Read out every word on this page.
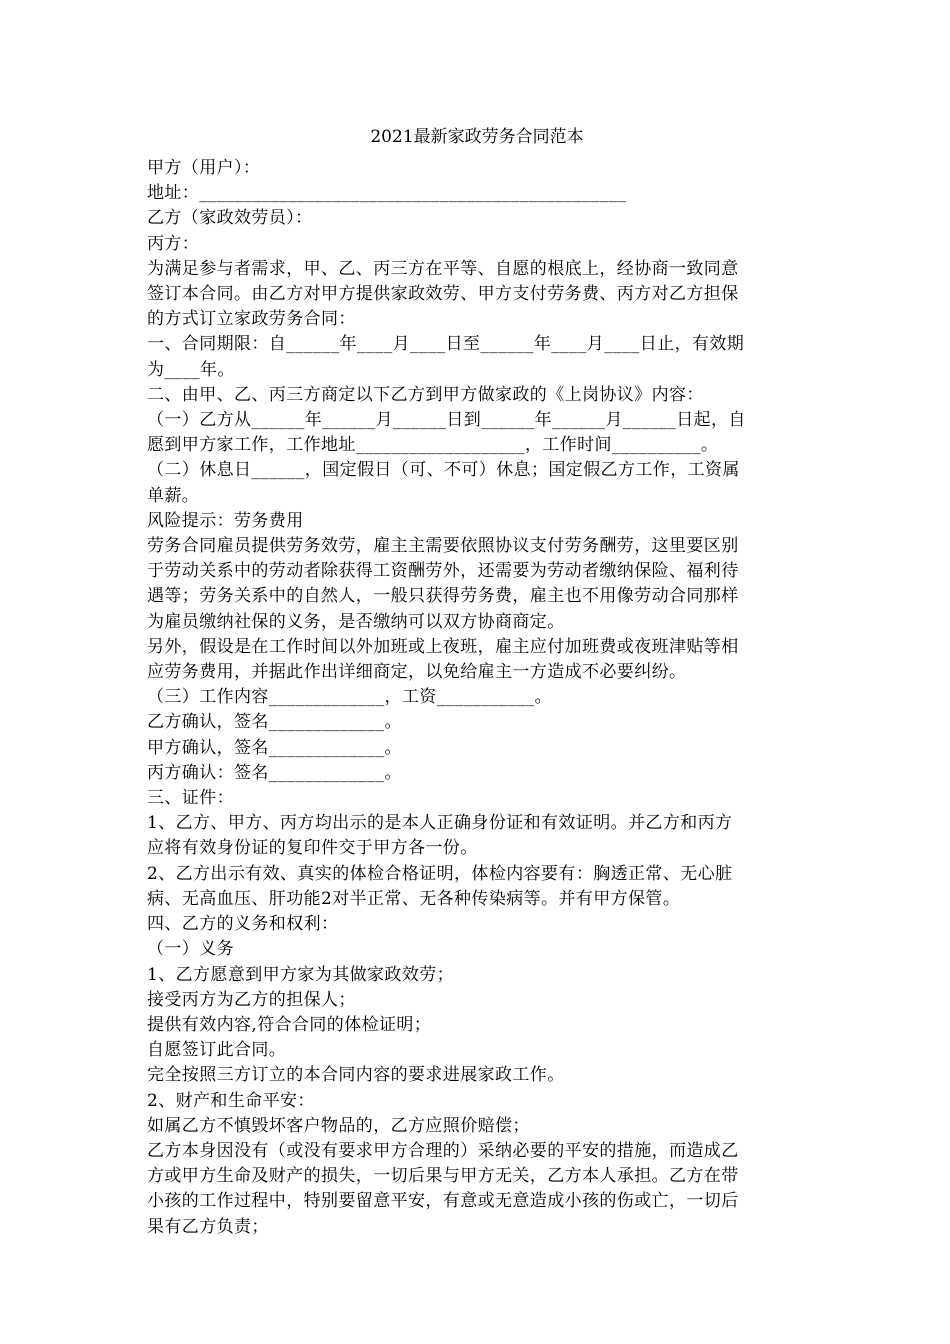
2021最新家政劳务合同范本
甲方（用户）：
地址：________________________________________________
乙方（家政效劳员）：
丙方：
为满足参与者需求，甲、乙、丙三方在平等、自愿的根底上，经协商一致同意
签订本合同。由乙方对甲方提供家政效劳、甲方支付劳务费、丙方对乙方担保
的方式订立家政劳务合同：
一、合同期限：自______年____月____日至______年____月____日止，有效期
为____年。
二、由甲、乙、丙三方商定以下乙方到甲方做家政的《上岗协议》内容：
（一）乙方从______年______月______日到______年______月______日起，自
愿到甲方家工作，工作地址___________________，工作时间__________。
（二）休息日______，国定假日（可、不可）休息；国定假乙方工作，工资属
单薪。
风险提示：劳务费用
劳务合同雇员提供劳务效劳，雇主主需要依照协议支付劳务酬劳，这里要区别
于劳动关系中的劳动者除获得工资酬劳外，还需要为劳动者缴纳保险、福利待
遇等；劳务关系中的自然人，一般只获得劳务费，雇主也不用像劳动合同那样
为雇员缴纳社保的义务，是否缴纳可以双方协商商定。
另外，假设是在工作时间以外加班或上夜班，雇主应付加班费或夜班津贴等相
应劳务费用，并据此作出详细商定，以免给雇主一方造成不必要纠纷。
（三）工作内容_____________，工资___________。
乙方确认，签名_____________。
甲方确认，签名_____________。
丙方确认：签名_____________。
三、证件：
1、乙方、甲方、丙方均出示的是本人正确身份证和有效证明。并乙方和丙方
应将有效身份证的复印件交于甲方各一份。
2、乙方出示有效、真实的体检合格证明，体检内容要有：胸透正常、无心脏
病、无高血压、肝功能2对半正常、无各种传染病等。并有甲方保管。
四、乙方的义务和权利：
（一）义务
1、乙方愿意到甲方家为其做家政效劳；
接受丙方为乙方的担保人；
提供有效内容,符合合同的体检证明；
自愿签订此合同。
完全按照三方订立的本合同内容的要求进展家政工作。
2、财产和生命平安：
如属乙方不慎毁坏客户物品的，乙方应照价赔偿；
乙方本身因没有（或没有要求甲方合理的）采纳必要的平安的措施，而造成乙
方或甲方生命及财产的损失，一切后果与甲方无关，乙方本人承担。乙方在带
小孩的工作过程中，特别要留意平安，有意或无意造成小孩的伤或亡，一切后
果有乙方负责；
